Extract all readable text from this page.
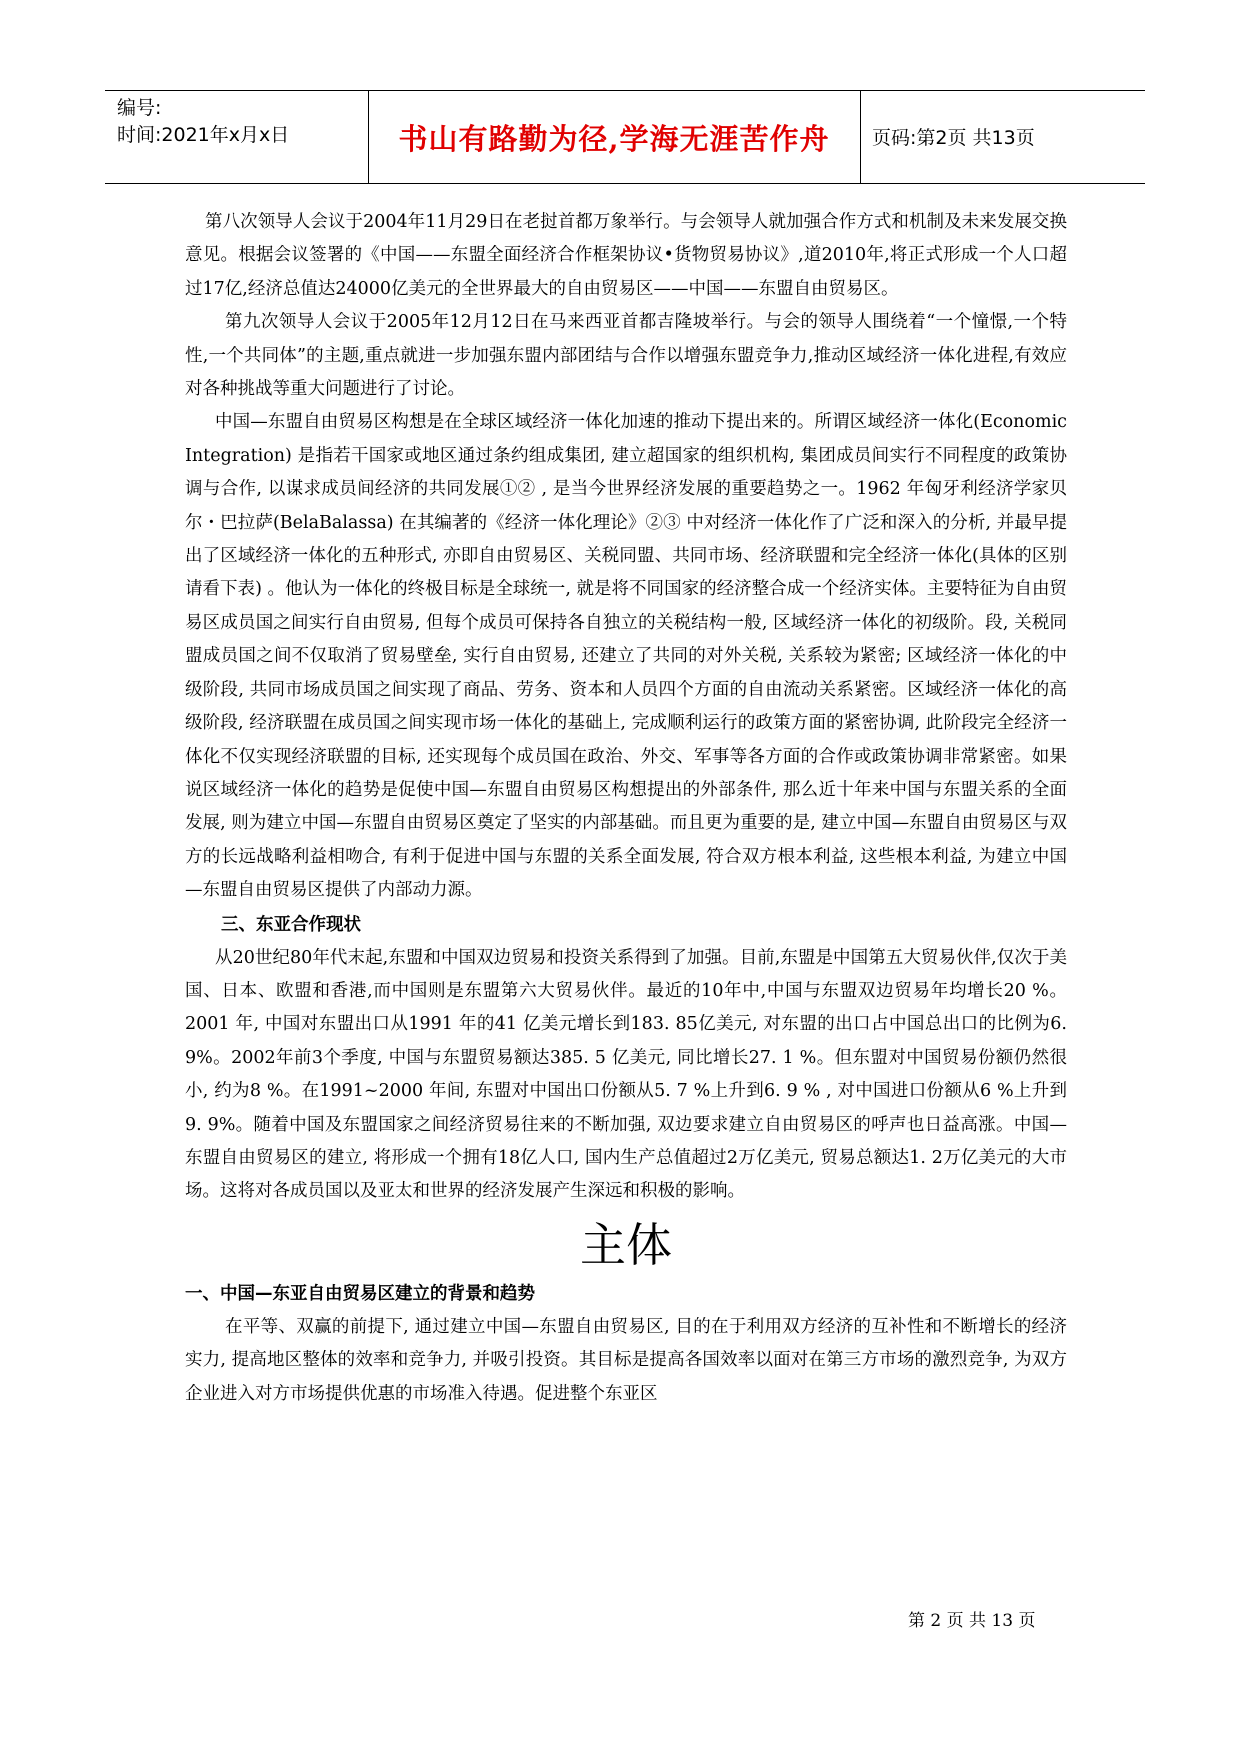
编号:
时间:2021年x月x日	书山有路勤为径,学海无涯苦作舟	页码:第2页 共13页

第八次领导人会议于2004年11月29日在老挝首都万象举行。与会领导人就加强合作方式和机制及未来发展交换意见。根据会议签署的《中国——东盟全面经济合作框架协议•货物贸易协议》,道2010年,将正式形成一个人口超过17亿,经济总值达24000亿美元的全世界最大的自由贸易区——中国——东盟自由贸易区。

第九次领导人会议于2005年12月12日在马来西亚首都吉隆坡举行。与会的领导人围绕着“一个憧憬,一个特性,一个共同体”的主题,重点就进一步加强东盟内部团结与合作以增强东盟竞争力,推动区域经济一体化进程,有效应对各种挑战等重大问题进行了讨论。

中国—东盟自由贸易区构想是在全球区域经济一体化加速的推动下提出来的。所谓区域经济一体化(Economic Integration) 是指若干国家或地区通过条约组成集团, 建立超国家的组织机构, 集团成员间实行不同程度的政策协调与合作, 以谋求成员间经济的共同发展①② , 是当今世界经济发展的重要趋势之一。1962 年匈牙利经济学家贝尔・巴拉萨(BelaBalassa) 在其编著的《经济一体化理论》②③ 中对经济一体化作了广泛和深入的分析, 并最早提出了区域经济一体化的五种形式, 亦即自由贸易区、关税同盟、共同市场、经济联盟和完全经济一体化(具体的区别请看下表) 。他认为一体化的终极目标是全球统一, 就是将不同国家的经济整合成一个经济实体。主要特征为自由贸易区成员国之间实行自由贸易, 但每个成员可保持各自独立的关税结构一般, 区域经济一体化的初级阶。段, 关税同盟成员国之间不仅取消了贸易壁垒, 实行自由贸易, 还建立了共同的对外关税, 关系较为紧密; 区域经济一体化的中级阶段, 共同市场成员国之间实现了商品、劳务、资本和人员四个方面的自由流动关系紧密。区域经济一体化的高级阶段, 经济联盟在成员国之间实现市场一体化的基础上, 完成顺利运行的政策方面的紧密协调, 此阶段完全经济一体化不仅实现经济联盟的目标, 还实现每个成员国在政治、外交、军事等各方面的合作或政策协调非常紧密。如果说区域经济一体化的趋势是促使中国—东盟自由贸易区构想提出的外部条件, 那么近十年来中国与东盟关系的全面发展, 则为建立中国—东盟自由贸易区奠定了坚实的内部基础。而且更为重要的是, 建立中国—东盟自由贸易区与双方的长远战略利益相吻合, 有利于促进中国与东盟的关系全面发展, 符合双方根本利益, 这些根本利益, 为建立中国—东盟自由贸易区提供了内部动力源。

三、东亚合作现状

从20世纪80年代末起,东盟和中国双边贸易和投资关系得到了加强。目前,东盟是中国第五大贸易伙伴,仅次于美国、日本、欧盟和香港,而中国则是东盟第六大贸易伙伴。最近的10年中,中国与东盟双边贸易年均增长20 %。2001 年, 中国对东盟出口从1991 年的41 亿美元增长到183. 85亿美元, 对东盟的出口占中国总出口的比例为6. 9%。2002年前3个季度, 中国与东盟贸易额达385. 5 亿美元, 同比增长27. 1 %。但东盟对中国贸易份额仍然很小, 约为8 %。在1991~2000 年间, 东盟对中国出口份额从5. 7 %上升到6. 9 % , 对中国进口份额从6 %上升到9. 9%。随着中国及东盟国家之间经济贸易往来的不断加强, 双边要求建立自由贸易区的呼声也日益高涨。中国—东盟自由贸易区的建立, 将形成一个拥有18亿人口, 国内生产总值超过2万亿美元, 贸易总额达1. 2万亿美元的大市场。这将对各成员国以及亚太和世界的经济发展产生深远和积极的影响。

主体

一、中国—东亚自由贸易区建立的背景和趋势

在平等、双赢的前提下, 通过建立中国—东盟自由贸易区, 目的在于利用双方经济的互补性和不断增长的经济实力, 提高地区整体的效率和竞争力, 并吸引投资。其目标是提高各国效率以面对在第三方市场的激烈竞争, 为双方企业进入对方市场提供优惠的市场准入待遇。促进整个东亚区

第 2 页 共 13 页
